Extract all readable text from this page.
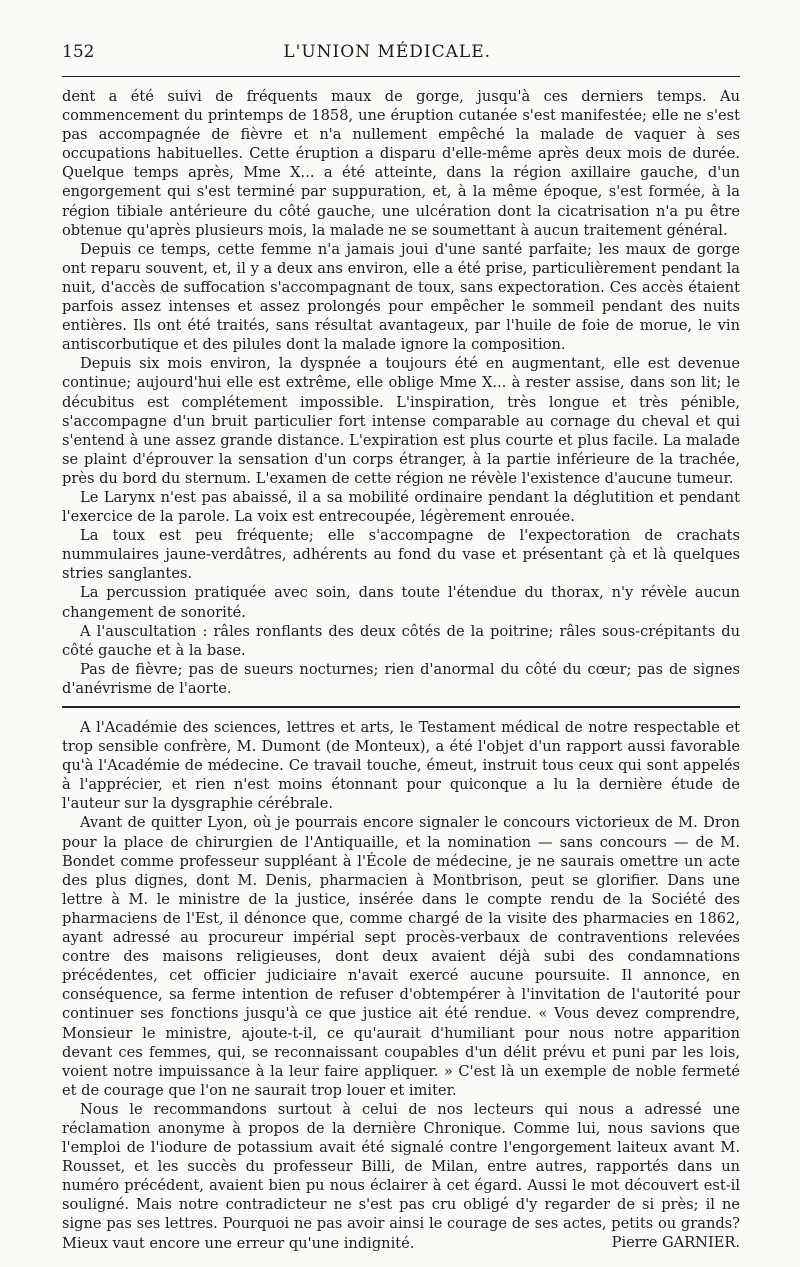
152	L'UNION MÉDICALE.

dent a été suivi de fréquents maux de gorge, jusqu'à ces derniers temps. Au commencement du printemps de 1858, une éruption cutanée s'est manifestée; elle ne s'est pas accompagnée de fièvre et n'a nullement empêché la malade de vaquer à ses occupations habituelles. Cette éruption a disparu d'elle-même après deux mois de durée. Quelque temps après, Mme X... a été atteinte, dans la région axillaire gauche, d'un engorgement qui s'est terminé par suppuration, et, à la même époque, s'est formée, à la région tibiale antérieure du côté gauche, une ulcération dont la cicatrisation n'a pu être obtenue qu'après plusieurs mois, la malade ne se soumettant à aucun traitement général.

Depuis ce temps, cette femme n'a jamais joui d'une santé parfaite; les maux de gorge ont reparu souvent, et, il y a deux ans environ, elle a été prise, particulièrement pendant la nuit, d'accès de suffocation s'accompagnant de toux, sans expectoration. Ces accès étaient parfois assez intenses et assez prolongés pour empêcher le sommeil pendant des nuits entières. Ils ont été traités, sans résultat avantageux, par l'huile de foie de morue, le vin antiscorbutique et des pilules dont la malade ignore la composition.

Depuis six mois environ, la dyspnée a toujours été en augmentant, elle est devenue continue; aujourd'hui elle est extrême, elle oblige Mme X... à rester assise, dans son lit; le décubitus est complétement impossible. L'inspiration, très longue et très pénible, s'accompagne d'un bruit particulier fort intense comparable au cornage du cheval et qui s'entend à une assez grande distance. L'expiration est plus courte et plus facile. La malade se plaint d'éprouver la sensation d'un corps étranger, à la partie inférieure de la trachée, près du bord du sternum. L'examen de cette région ne révèle l'existence d'aucune tumeur.

Le Larynx n'est pas abaissé, il a sa mobilité ordinaire pendant la déglutition et pendant l'exercice de la parole. La voix est entrecoupée, légèrement enrouée.

La toux est peu fréquente; elle s'accompagne de l'expectoration de crachats nummulaires jaune-verdâtres, adhérents au fond du vase et présentant çà et là quelques stries sanglantes.

La percussion pratiquée avec soin, dans toute l'étendue du thorax, n'y révèle aucun changement de sonorité.

A l'auscultation : râles ronflants des deux côtés de la poitrine; râles sous-crépitants du côté gauche et à la base.

Pas de fièvre; pas de sueurs nocturnes; rien d'anormal du côté du cœur; pas de signes d'anévrisme de l'aorte.

A l'Académie des sciences, lettres et arts, le Testament médical de notre respectable et trop sensible confrère, M. Dumont (de Monteux), a été l'objet d'un rapport aussi favorable qu'à l'Académie de médecine. Ce travail touche, émeut, instruit tous ceux qui sont appelés à l'apprécier, et rien n'est moins étonnant pour quiconque a lu la dernière étude de l'auteur sur la dysgraphie cérébrale.

Avant de quitter Lyon, où je pourrais encore signaler le concours victorieux de M. Dron pour la place de chirurgien de l'Antiquaille, et la nomination — sans concours — de M. Bondet comme professeur suppléant à l'École de médecine, je ne saurais omettre un acte des plus dignes, dont M. Denis, pharmacien à Montbrison, peut se glorifier. Dans une lettre à M. le ministre de la justice, insérée dans le compte rendu de la Société des pharmaciens de l'Est, il dénonce que, comme chargé de la visite des pharmacies en 1862, ayant adressé au procureur impérial sept procès-verbaux de contraventions relevées contre des maisons religieuses, dont deux avaient déjà subi des condamnations précédentes, cet officier judiciaire n'avait exercé aucune poursuite. Il annonce, en conséquence, sa ferme intention de refuser d'obtempérer à l'invitation de l'autorité pour continuer ses fonctions jusqu'à ce que justice ait été rendue. « Vous devez comprendre, Monsieur le ministre, ajoute-t-il, ce qu'aurait d'humiliant pour nous notre apparition devant ces femmes, qui, se reconnaissant coupables d'un délit prévu et puni par les lois, voient notre impuissance à la leur faire appliquer. » C'est là un exemple de noble fermeté et de courage que l'on ne saurait trop louer et imiter.

Nous le recommandons surtout à celui de nos lecteurs qui nous a adressé une réclamation anonyme à propos de la dernière Chronique. Comme lui, nous savions que l'emploi de l'iodure de potassium avait été signalé contre l'engorgement laiteux avant M. Rousset, et les succès du professeur Billi, de Milan, entre autres, rapportés dans un numéro précédent, avaient bien pu nous éclairer à cet égard. Aussi le mot découvert est-il souligné. Mais notre contradicteur ne s'est pas cru obligé d'y regarder de si près; il ne signe pas ses lettres. Pourquoi ne pas avoir ainsi le courage de ses actes, petits ou grands? Mieux vaut encore une erreur qu'une indignité.	Pierre GARNIER.
